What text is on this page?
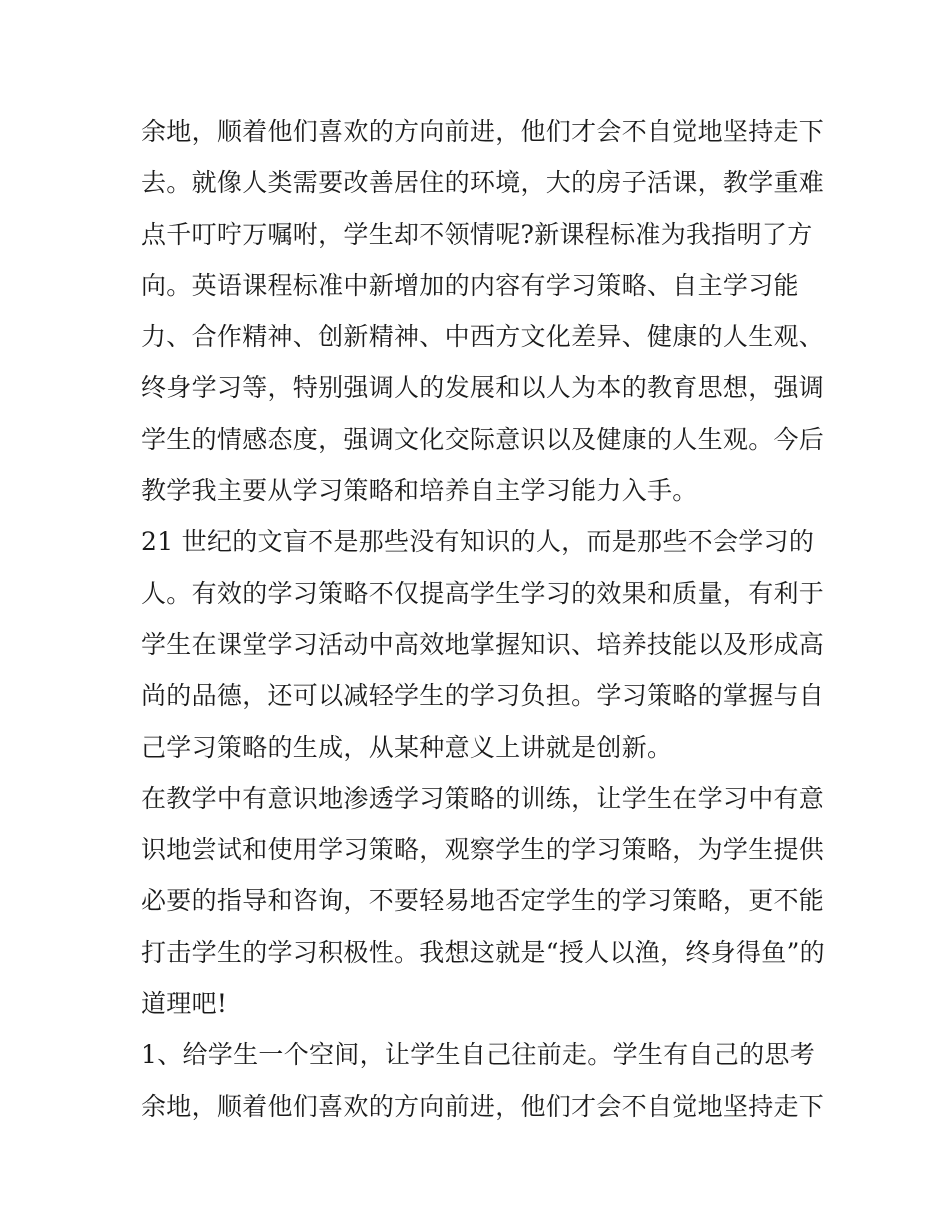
余地，顺着他们喜欢的方向前进，他们才会不自觉地坚持走下
去。就像人类需要改善居住的环境，大的房子活课，教学重难
点千叮咛万嘱咐，学生却不领情呢?新课程标准为我指明了方
向。英语课程标准中新增加的内容有学习策略、自主学习能
力、合作精神、创新精神、中西方文化差异、健康的人生观、
终身学习等，特别强调人的发展和以人为本的教育思想，强调
学生的情感态度，强调文化交际意识以及健康的人生观。今后
教学我主要从学习策略和培养自主学习能力入手。
21 世纪的文盲不是那些没有知识的人，而是那些不会学习的
人。有效的学习策略不仅提高学生学习的效果和质量，有利于
学生在课堂学习活动中高效地掌握知识、培养技能以及形成高
尚的品德，还可以减轻学生的学习负担。学习策略的掌握与自
己学习策略的生成，从某种意义上讲就是创新。
在教学中有意识地渗透学习策略的训练，让学生在学习中有意
识地尝试和使用学习策略，观察学生的学习策略，为学生提供
必要的指导和咨询，不要轻易地否定学生的学习策略，更不能
打击学生的学习积极性。我想这就是“授人以渔，终身得鱼”的
道理吧!
1、给学生一个空间，让学生自己往前走。学生有自己的思考
余地，顺着他们喜欢的方向前进，他们才会不自觉地坚持走下
